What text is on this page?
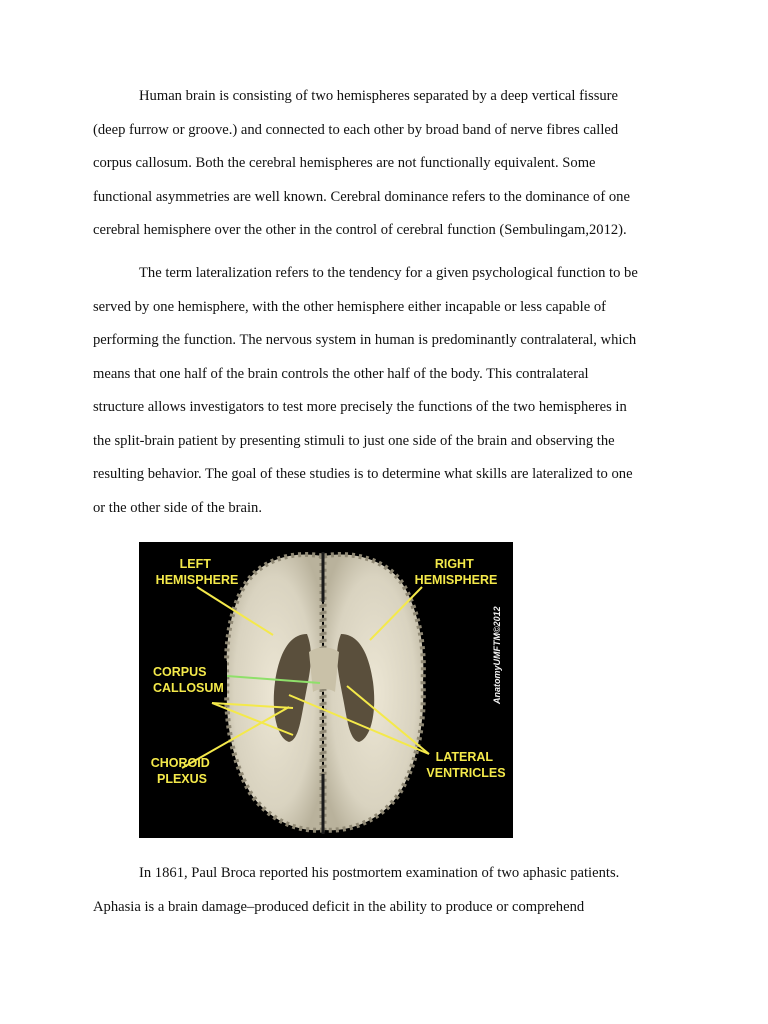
Human brain is consisting of two hemispheres separated by a deep vertical fissure
(deep furrow or groove.) and connected to each other by broad band of nerve fibres called
corpus callosum. Both the cerebral hemispheres are not functionally equivalent. Some
functional asymmetries are well known. Cerebral dominance refers to the dominance of one
cerebral hemisphere over the other in the control of cerebral function (Sembulingam,2012).

The term lateralization refers to the tendency for a given psychological function to be
served by one hemisphere, with the other hemisphere either incapable or less capable of
performing the function. The nervous system in human is predominantly contralateral, which
means that one half of the brain controls the other half of the body. This contralateral
structure allows investigators to test more precisely the functions of the two hemispheres in
the split-brain patient by presenting stimuli to just one side of the brain and observing the
resulting behavior. The goal of these studies is to determine what skills are lateralized to one
or the other side of the brain.

LEFT HEMISPHERE
RIGHT HEMISPHERE
CORPUS CALLOSUM
CHOROID PLEXUS
LATERAL VENTRICLES
AnatomyUMFTM©2012

In 1861, Paul Broca reported his postmortem examination of two aphasic patients.
Aphasia is a brain damage–produced deficit in the ability to produce or comprehend
